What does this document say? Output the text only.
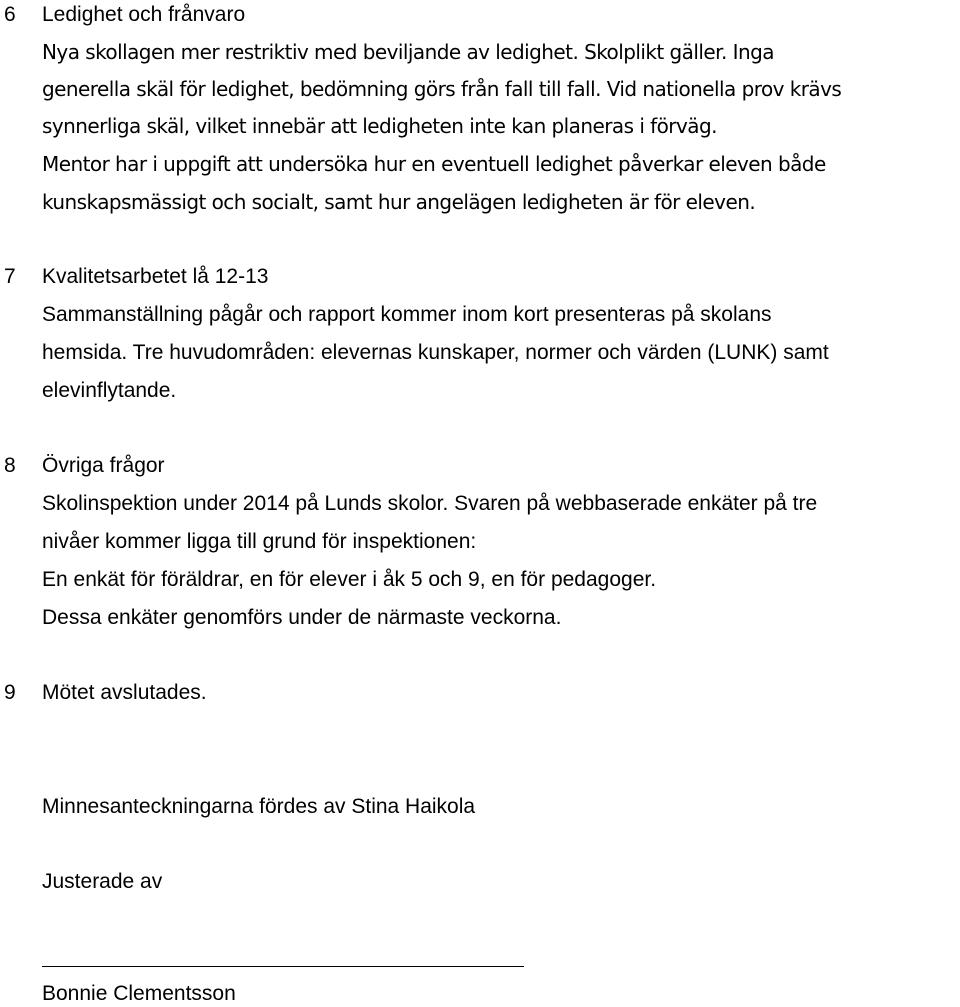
6 Ledighet och frånvaro
Nya skollagen mer restriktiv med beviljande av ledighet. Skolplikt gäller. Inga
generella skäl för ledighet, bedömning görs från fall till fall. Vid nationella prov krävs
synnerliga skäl, vilket innebär att ledigheten inte kan planeras i förväg.
Mentor har i uppgift att undersöka hur en eventuell ledighet påverkar eleven både
kunskapsmässigt och socialt, samt hur angelägen ledigheten är för eleven.
7 Kvalitetsarbetet lå 12-13
Sammanställning pågår och rapport kommer inom kort presenteras på skolans
hemsida. Tre huvudområden: elevernas kunskaper, normer och värden (LUNK) samt
elevinflytande.
8 Övriga frågor
Skolinspektion under 2014 på Lunds skolor. Svaren på webbaserade enkäter på tre
nivåer kommer ligga till grund för inspektionen:
En enkät för föräldrar, en för elever i åk 5 och 9, en för pedagoger.
Dessa enkäter genomförs under de närmaste veckorna.
9 Mötet avslutades.
Minnesanteckningarna fördes av Stina Haikola
Justerade av
Bonnie Clementsson
